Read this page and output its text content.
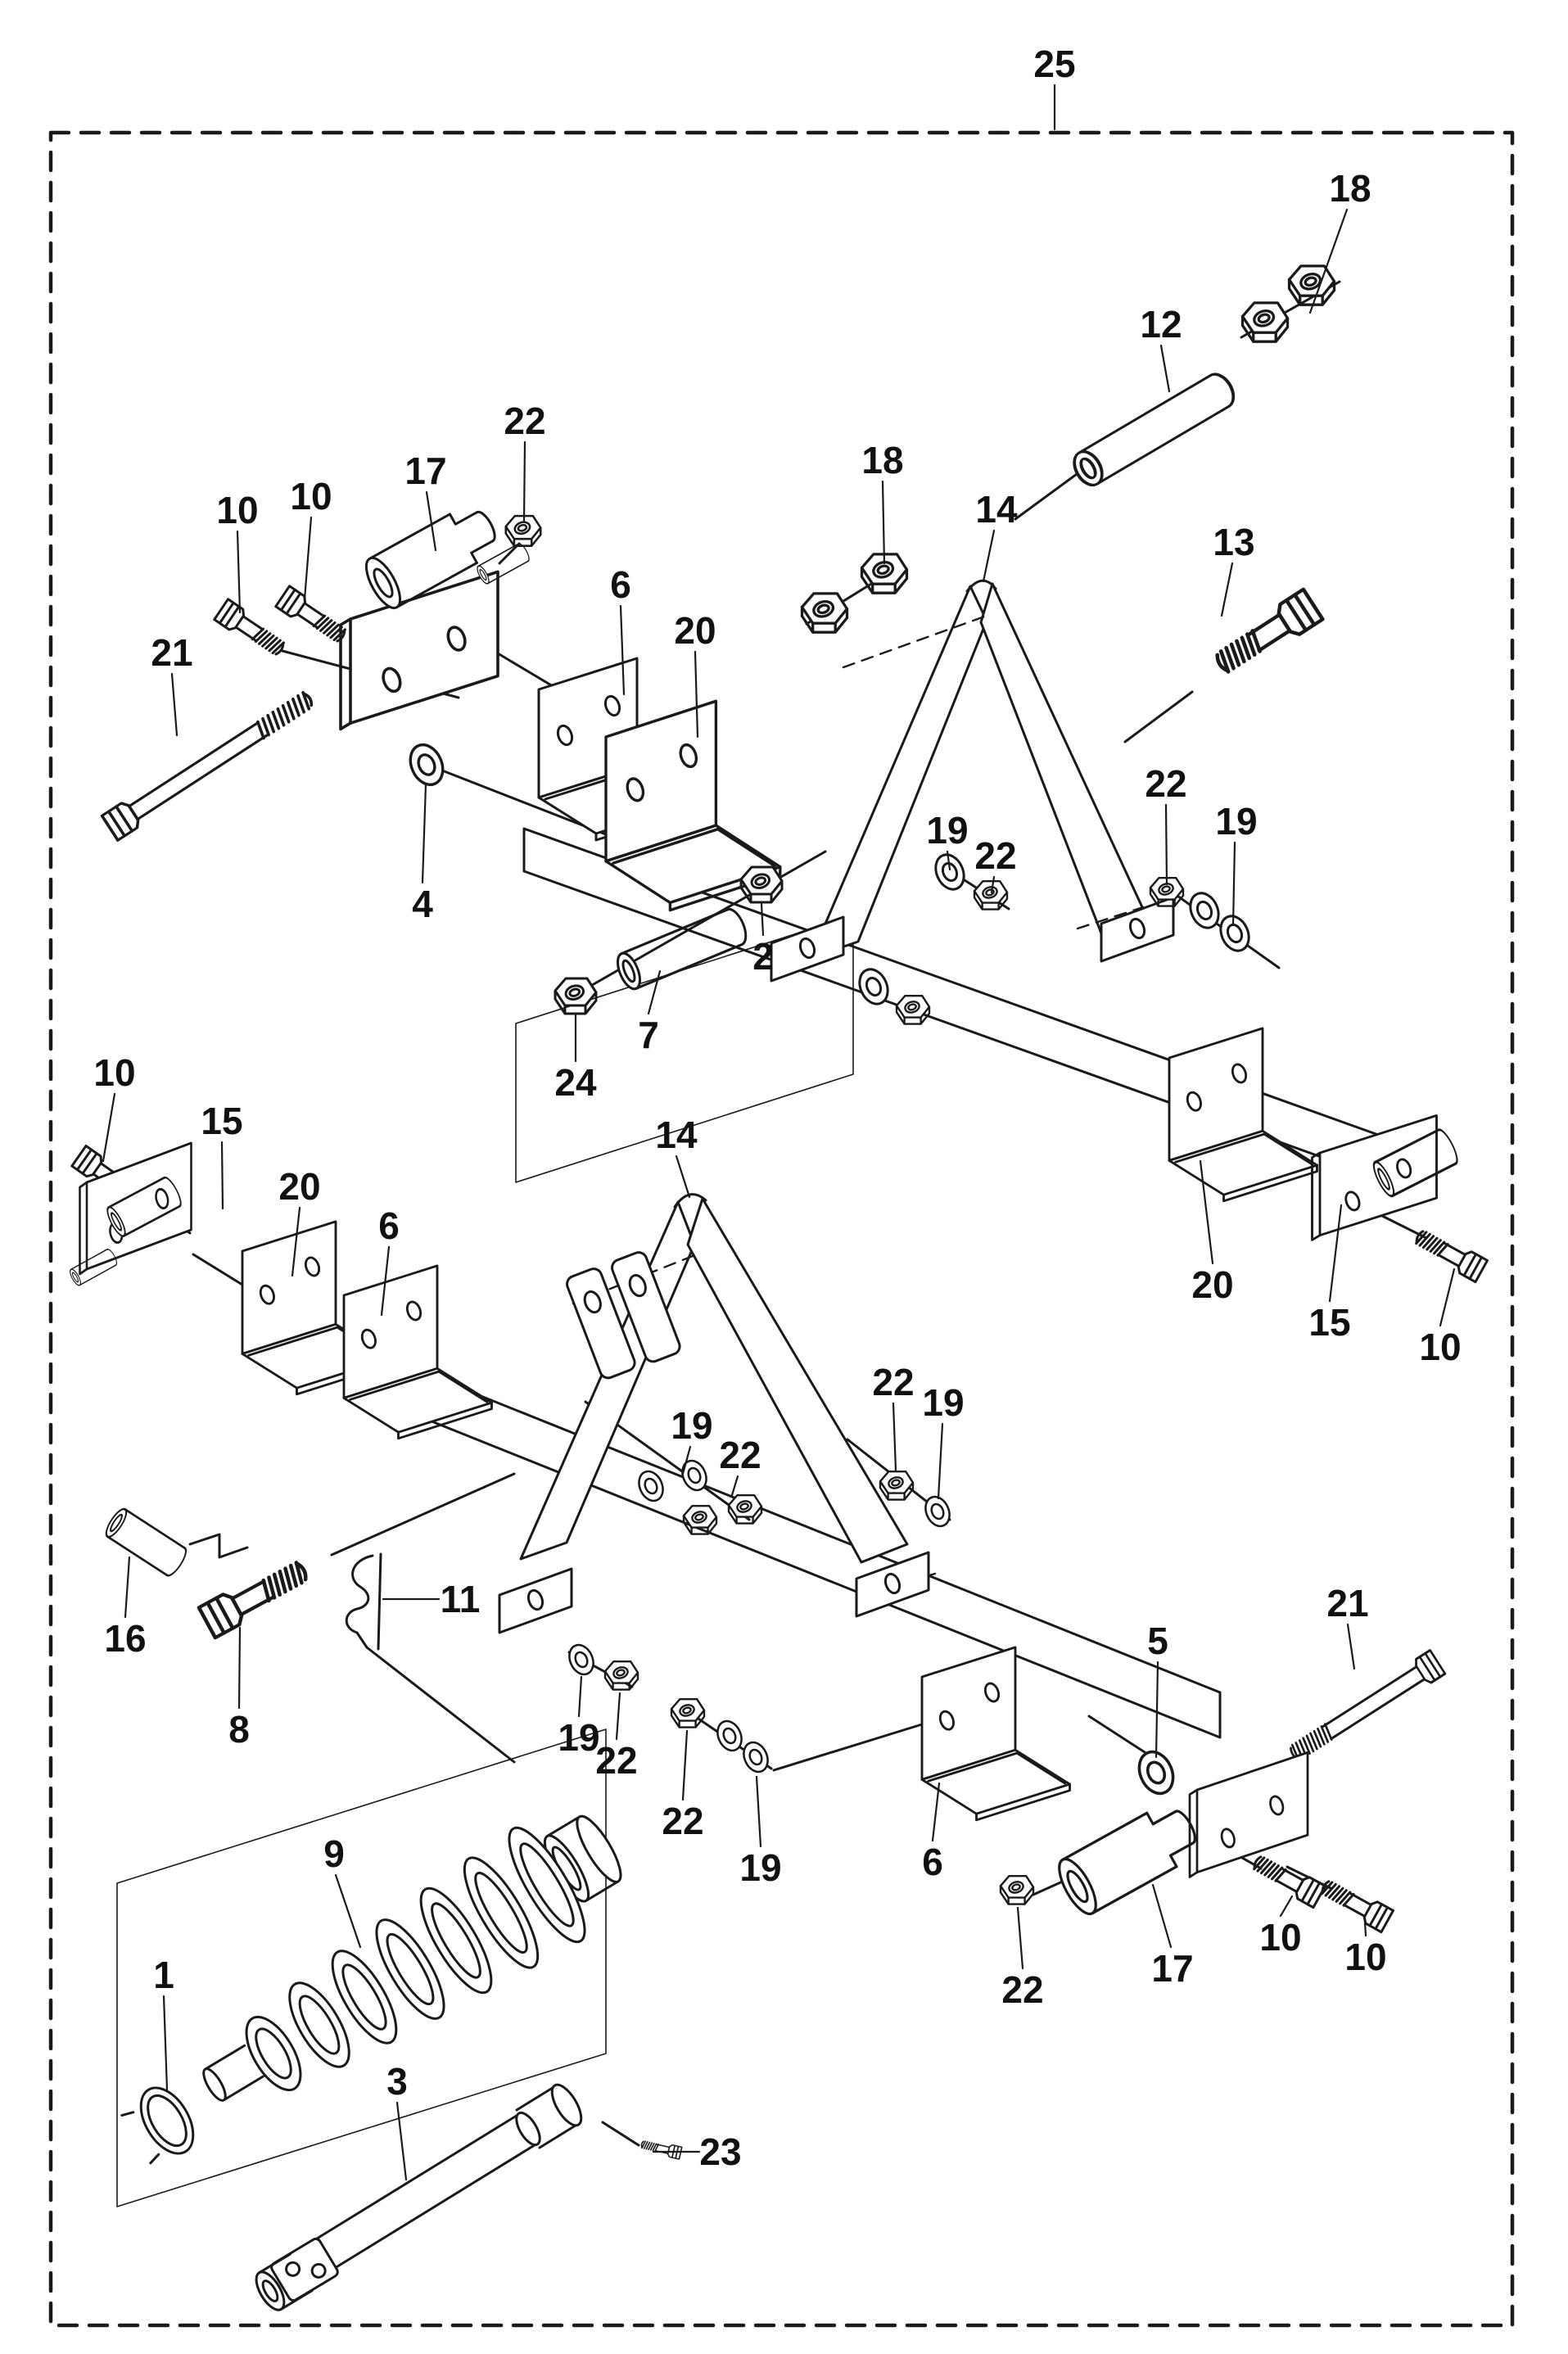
25
18
12
13
14
18
22
17
10
10
21
6
20
4
2
7
24
19
22
22
19
20
15
10
10
15
20
6
14
19
22
22 19
16
8
11
19
22
22
19	6
5
21
17
10 10
22
9
1
3
23
